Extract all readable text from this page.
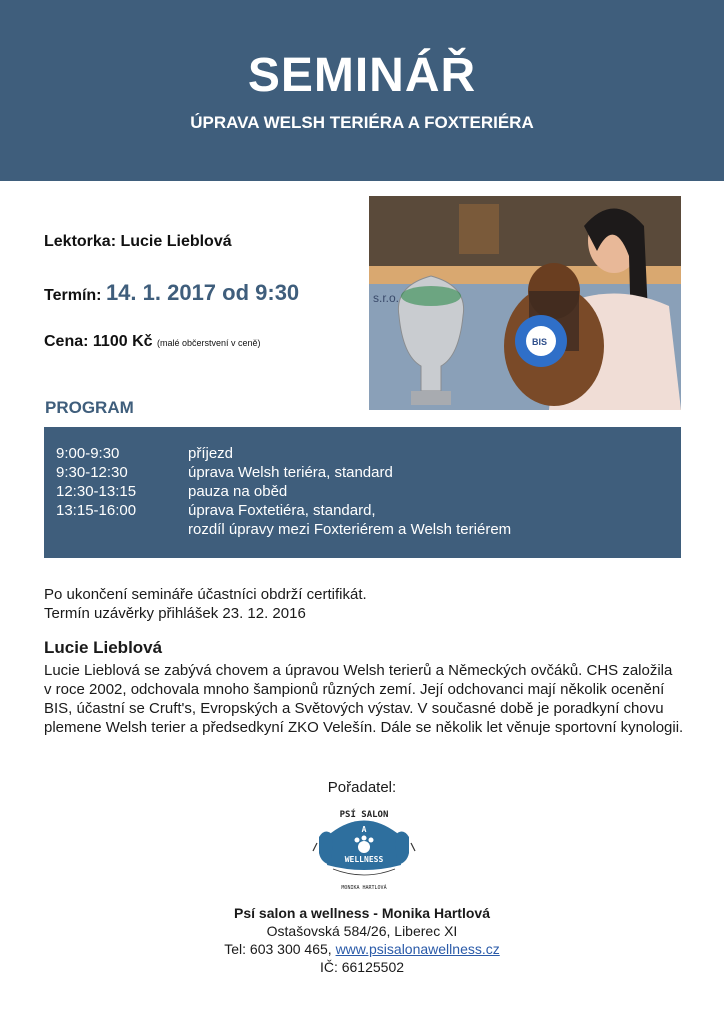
SEMINÁŘ
ÚPRAVA WELSH TERIÉRA A FOXTERIÉRA
Lektorka: Lucie Lieblová
Termín: 14. 1. 2017 od 9:30
Cena: 1100 Kč (malé občerstvení v ceně)
s.r.o.
BIS
PROGRAM
9:00-9:30	příjezd
9:30-12:30	úprava Welsh teriéra, standard
12:30-13:15	pauza na oběd
13:15-16:00	úprava Foxtetiéra, standard,
rozdíl úpravy mezi Foxteriérem a Welsh teriérem
Po ukončení semináře účastníci obdrží certifikát.
Termín uzávěrky přihlášek 23. 12. 2016
Lucie Lieblová
Lucie Lieblová se zabývá chovem a úpravou Welsh terierů a Německých ovčáků. CHS založila v roce 2002, odchovala mnoho šampionů různých zemí. Její odchovanci mají několik ocenění BIS, účastní se Cruft's, Evropských a Světových výstav. V současné době je poradkyní chovu plemene Welsh terier a předsedkyní ZKO Velešín. Dále se několik let věnuje sportovní kynologii.
Pořadatel:
PSÍ SALON
A
WELLNESS
MONIKA HARTLOVÁ
Psí salon a wellness - Monika Hartlová
Ostašovská 584/26, Liberec XI
Tel: 603 300 465, www.psisalonawellness.cz
IČ: 66125502
